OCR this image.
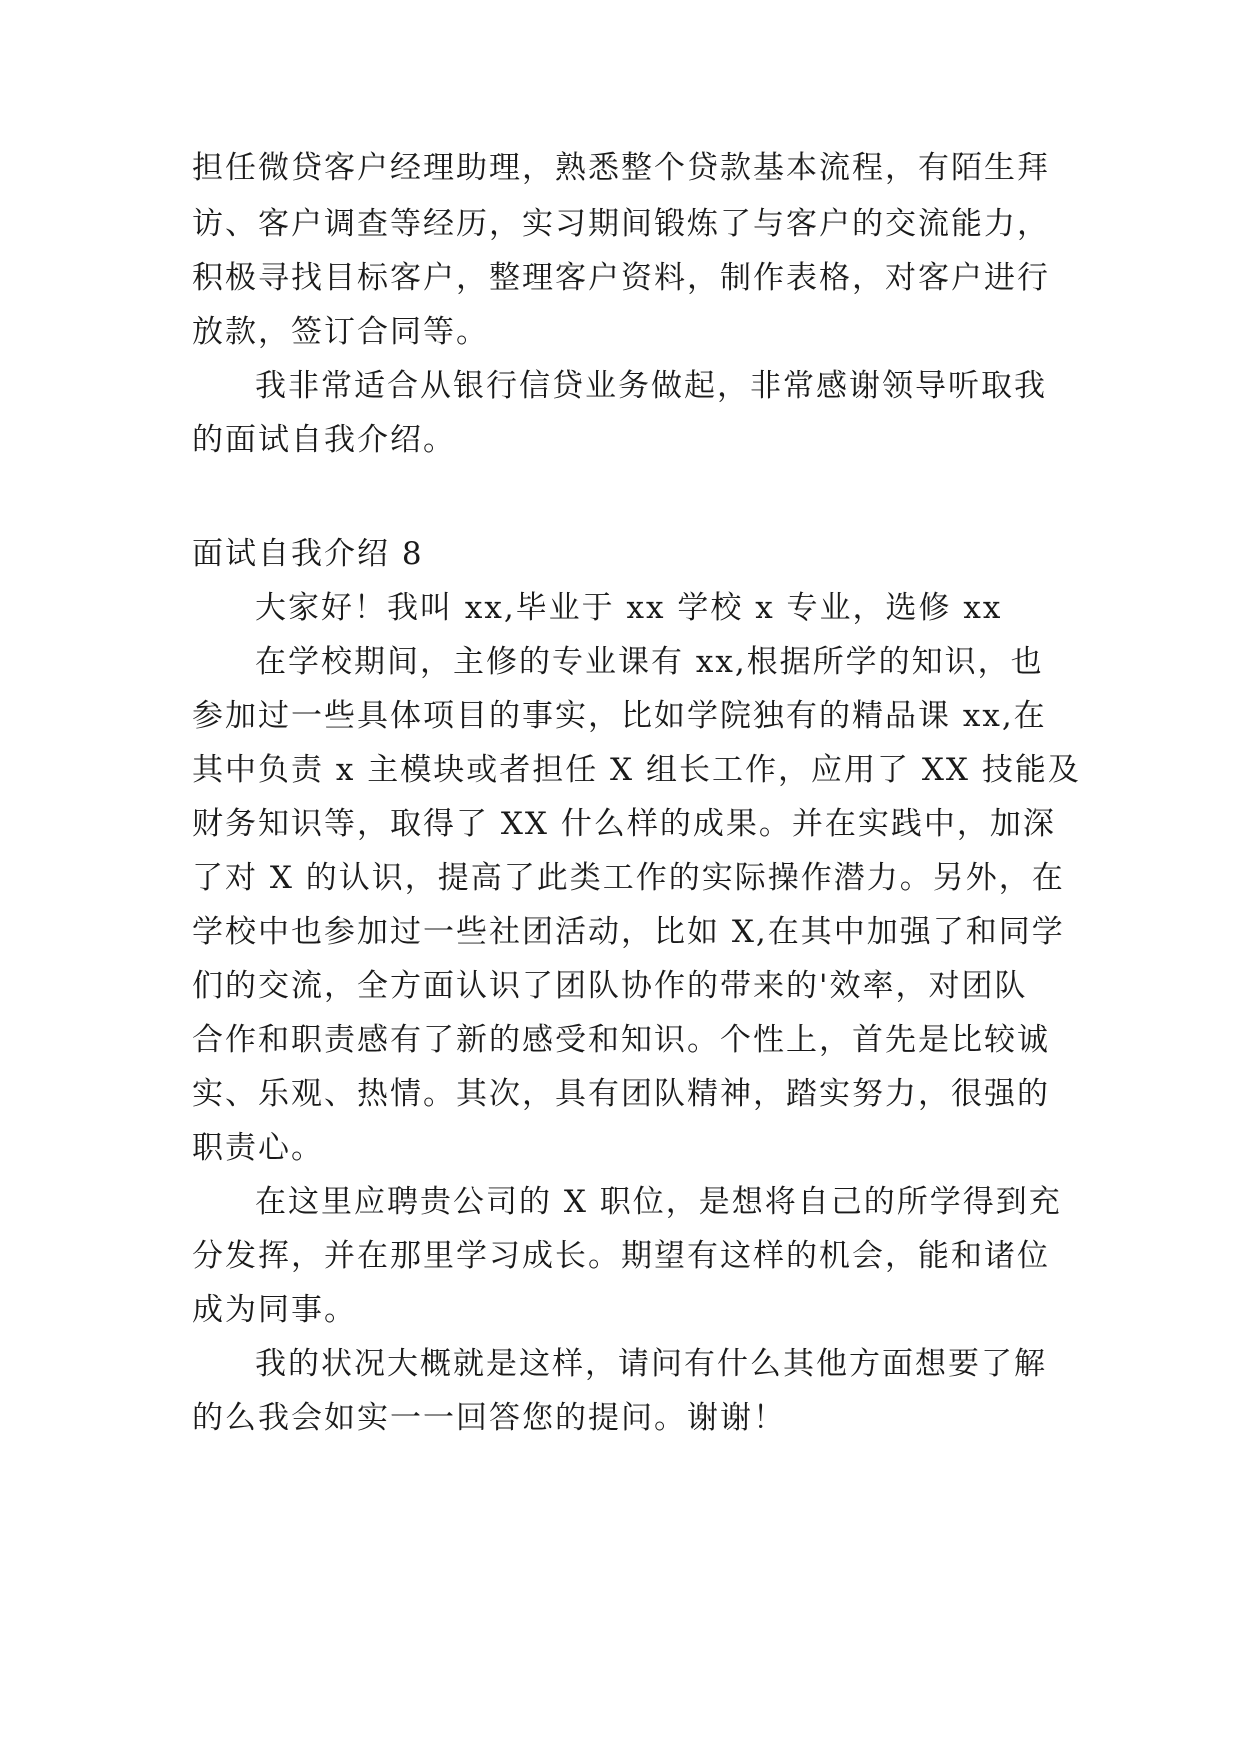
担任微贷客户经理助理，熟悉整个贷款基本流程，有陌生拜
访、客户调查等经历，实习期间锻炼了与客户的交流能力，
积极寻找目标客户，整理客户资料，制作表格，对客户进行
放款，签订合同等。
我非常适合从银行信贷业务做起，非常感谢领导听取我
的面试自我介绍。
面试自我介绍 8
大家好！我叫 xx,毕业于 xx 学校 x 专业，选修 xx
在学校期间，主修的专业课有 xx,根据所学的知识，也
参加过一些具体项目的事实，比如学院独有的精品课 xx,在
其中负责 x 主模块或者担任 X 组长工作，应用了 XX 技能及
财务知识等，取得了 XX 什么样的成果。并在实践中，加深
了对 X 的认识，提高了此类工作的实际操作潜力。另外，在
学校中也参加过一些社团活动，比如 X,在其中加强了和同学
们的交流，全方面认识了团队协作的带来的'效率，对团队
合作和职责感有了新的感受和知识。个性上，首先是比较诚
实、乐观、热情。其次，具有团队精神，踏实努力，很强的
职责心。
在这里应聘贵公司的 X 职位，是想将自己的所学得到充
分发挥，并在那里学习成长。期望有这样的机会，能和诸位
成为同事。
我的状况大概就是这样，请问有什么其他方面想要了解
的么我会如实一一回答您的提问。谢谢！
